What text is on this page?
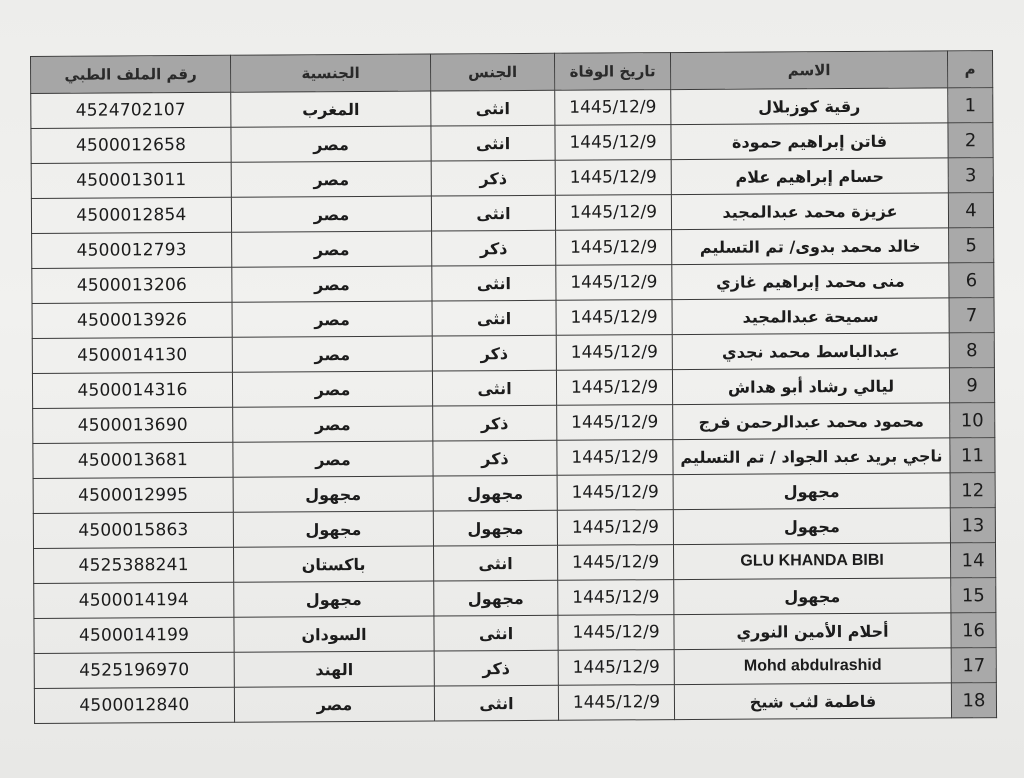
رقم الملف الطبي	الجنسية	الجنس	تاريخ الوفاة	الاسم	م
4524702107	المغرب	انثى	1445/12/9	رقية كوزبلال	1
4500012658	مصر	انثى	1445/12/9	فاتن إبراهيم حمودة	2
4500013011	مصر	ذكر	1445/12/9	حسام إبراهيم علام	3
4500012854	مصر	انثى	1445/12/9	عزيزة محمد عبدالمجيد	4
4500012793	مصر	ذكر	1445/12/9	خالد محمد بدوى/ تم التسليم	5
4500013206	مصر	انثى	1445/12/9	منى محمد إبراهيم غازي	6
4500013926	مصر	انثى	1445/12/9	سميحة عبدالمجيد	7
4500014130	مصر	ذكر	1445/12/9	عبدالباسط محمد نجدي	8
4500014316	مصر	انثى	1445/12/9	ليالي رشاد أبو هداش	9
4500013690	مصر	ذكر	1445/12/9	محمود محمد عبدالرحمن فرج	10
4500013681	مصر	ذكر	1445/12/9	ناجي بريد عبد الجواد / تم التسليم	11
4500012995	مجهول	مجهول	1445/12/9	مجهول	12
4500015863	مجهول	مجهول	1445/12/9	مجهول	13
4525388241	باكستان	انثى	1445/12/9	GLU KHANDA BIBI	14
4500014194	مجهول	مجهول	1445/12/9	مجهول	15
4500014199	السودان	انثى	1445/12/9	أحلام الأمين النوري	16
4525196970	الهند	ذكر	1445/12/9	Mohd abdulrashid	17
4500012840	مصر	انثى	1445/12/9	فاطمة لثب شيخ	18
